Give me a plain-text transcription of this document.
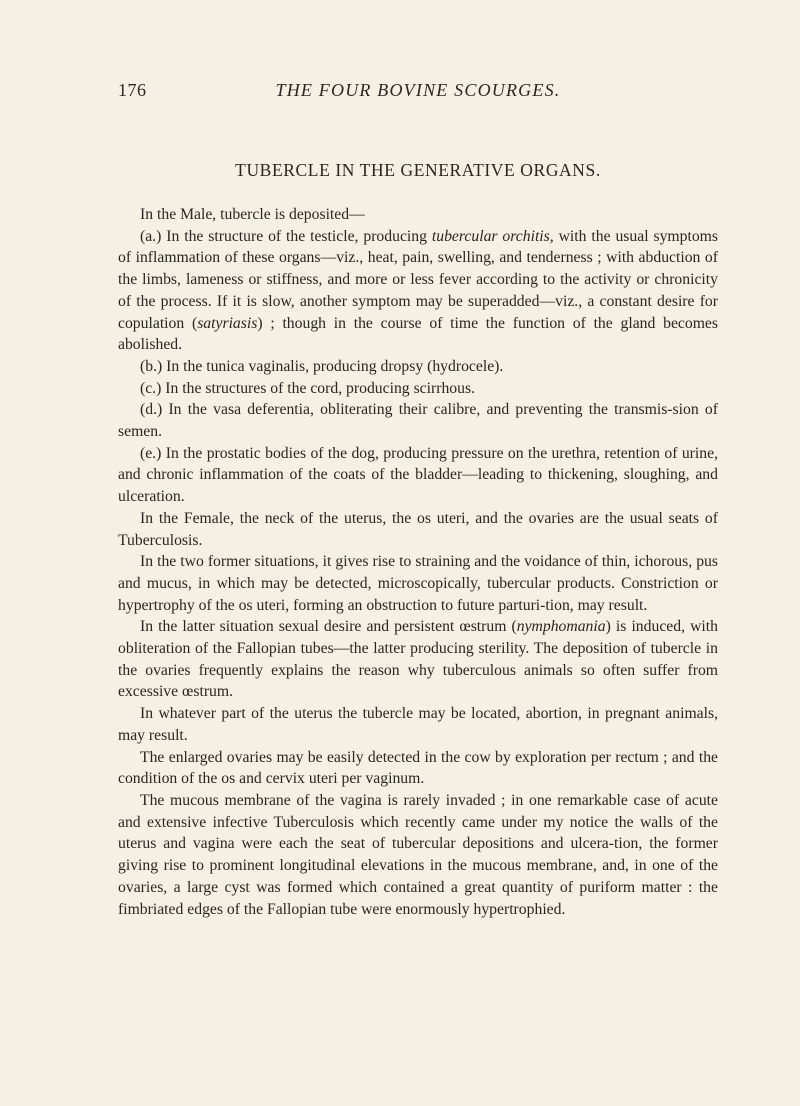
176	THE FOUR BOVINE SCOURGES.
TUBERCLE IN THE GENERATIVE ORGANS.

In the Male, tubercle is deposited—

(a.) In the structure of the testicle, producing tubercular orchitis, with the usual symptoms of inflammation of these organs—viz., heat, pain, swelling, and tenderness ; with abduction of the limbs, lameness or stiffness, and more or less fever according to the activity or chronicity of the process. If it is slow, another symptom may be superadded—viz., a constant desire for copulation (satyriasis) ; though in the course of time the function of the gland becomes abolished.

(b.) In the tunica vaginalis, producing dropsy (hydrocele).

(c.) In the structures of the cord, producing scirrhous.

(d.) In the vasa deferentia, obliterating their calibre, and preventing the transmis-sion of semen.

(e.) In the prostatic bodies of the dog, producing pressure on the urethra, retention of urine, and chronic inflammation of the coats of the bladder—leading to thickening, sloughing, and ulceration.

In the Female, the neck of the uterus, the os uteri, and the ovaries are the usual seats of Tuberculosis.

In the two former situations, it gives rise to straining and the voidance of thin, ichorous, pus and mucus, in which may be detected, microscopically, tubercular products. Constriction or hypertrophy of the os uteri, forming an obstruction to future parturi-tion, may result.

In the latter situation sexual desire and persistent œstrum (nymphomania) is induced, with obliteration of the Fallopian tubes—the latter producing sterility. The deposition of tubercle in the ovaries frequently explains the reason why tuberculous animals so often suffer from excessive œstrum.

In whatever part of the uterus the tubercle may be located, abortion, in pregnant animals, may result.

The enlarged ovaries may be easily detected in the cow by exploration per rectum ; and the condition of the os and cervix uteri per vaginum.

The mucous membrane of the vagina is rarely invaded ; in one remarkable case of acute and extensive infective Tuberculosis which recently came under my notice the walls of the uterus and vagina were each the seat of tubercular depositions and ulcera-tion, the former giving rise to prominent longitudinal elevations in the mucous membrane, and, in one of the ovaries, a large cyst was formed which contained a great quantity of puriform matter : the fimbriated edges of the Fallopian tube were enormously hypertrophied.
